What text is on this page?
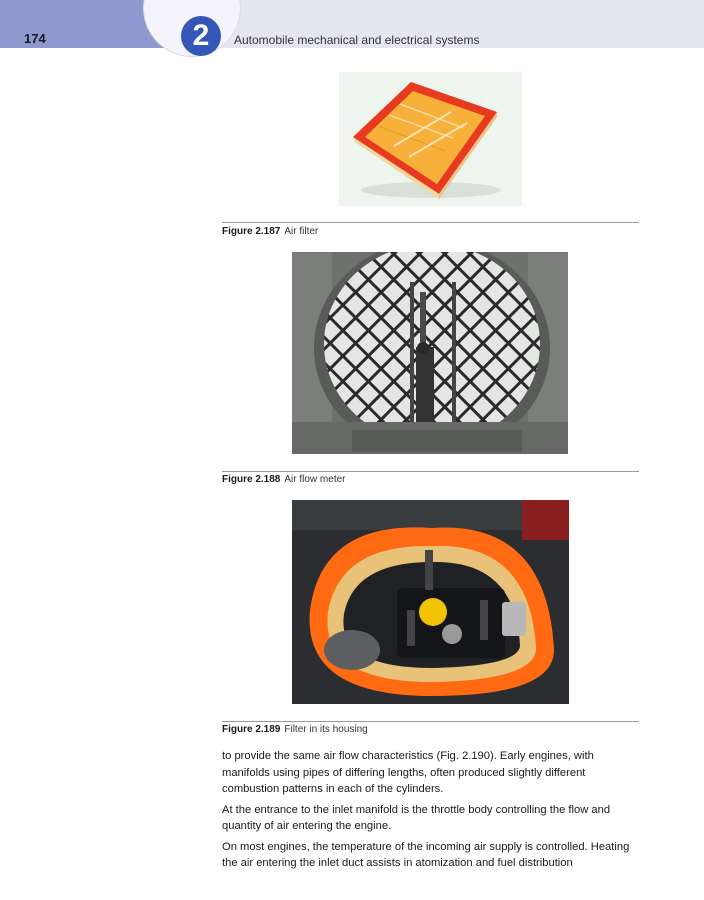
174	2	Automobile mechanical and electrical systems
Figure 2.187 Air filter
Figure 2.188 Air flow meter
Figure 2.189 Filter in its housing

to provide the same air flow characteristics (Fig. 2.190). Early engines, with manifolds using pipes of differing lengths, often produced slightly different combustion patterns in each of the cylinders.

At the entrance to the inlet manifold is the throttle body controlling the flow and quantity of air entering the engine.

On most engines, the temperature of the incoming air supply is controlled. Heating the air entering the inlet duct assists in atomization and fuel distribution
